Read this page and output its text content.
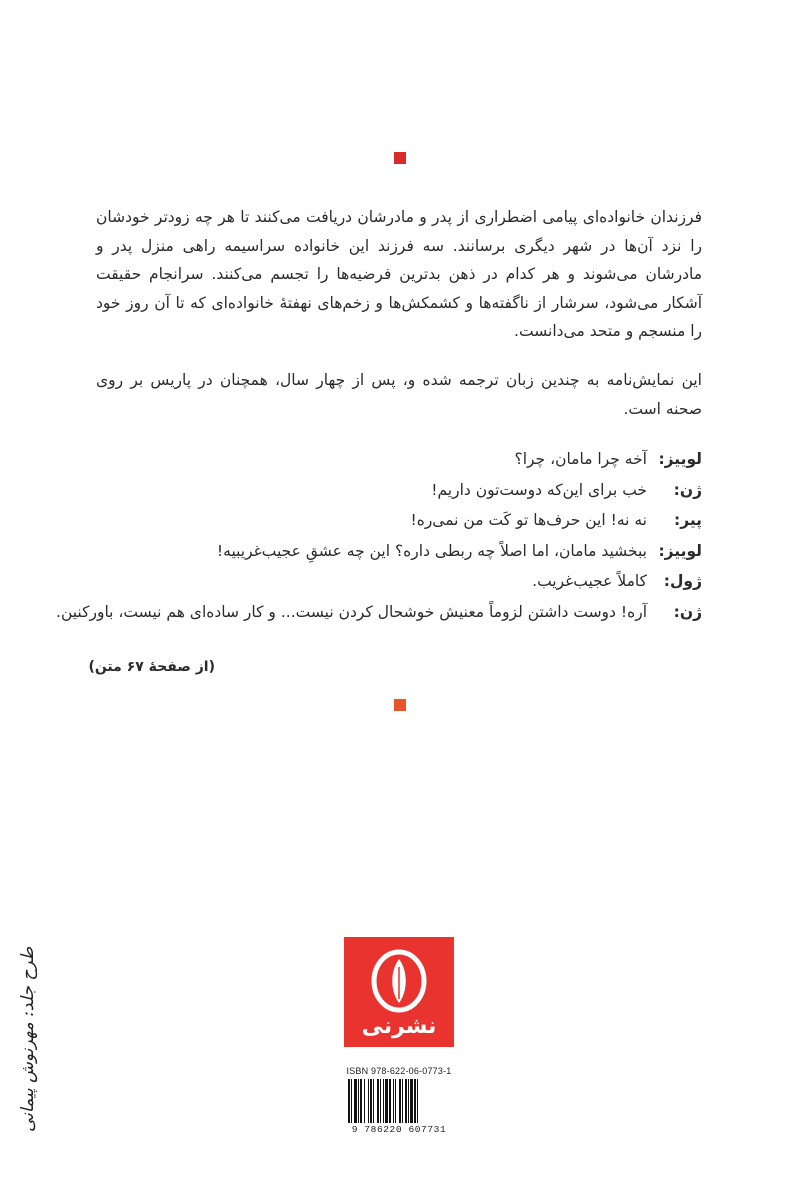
فرزندان خانواده‌ای پیامی اضطراری از پدر و مادرشان دریافت می‌کنند تا هر چه زودتر خودشان را نزد آن‌ها در شهر دیگری برسانند. سه فرزند این خانواده سراسیمه راهی منزل پدر و مادرشان می‌شوند و هر کدام در ذهن بدترین فرضیه‌ها را تجسم می‌کنند. سرانجام حقیقت آشکار می‌شود، سرشار از ناگفته‌ها و کشمکش‌ها و زخم‌های نهفتهٔ خانواده‌ای که تا آن روز خود را منسجم و متحد می‌دانست.
این نمایش‌نامه به چندین زبان ترجمه شده و، پس از چهار سال، همچنان در پاریس بر روی صحنه است.
لوییز:
آخه چرا مامان، چرا؟
ژن:
خب برای این‌که دوست‌تون داریم!
پیر:
نه نه! این حرف‌ها تو کَت من نمی‌ره!
لوییز:
ببخشید مامان، اما اصلاً چه ربطی داره؟ این چه عشقِ عجیب‌غریبیه!
ژول:
کاملاً عجیب‌غریب.
ژن:
آره! دوست داشتن لزوماً معنیش خوشحال کردن نیست... و کار ساده‌ای هم نیست، باورکنین.
(از صفحهٔ ۶۷ متن)
نشرنی
ISBN 978-622-06-0773-1
9 786220 607731
طرح جلد: مهرنوش پیمانی
